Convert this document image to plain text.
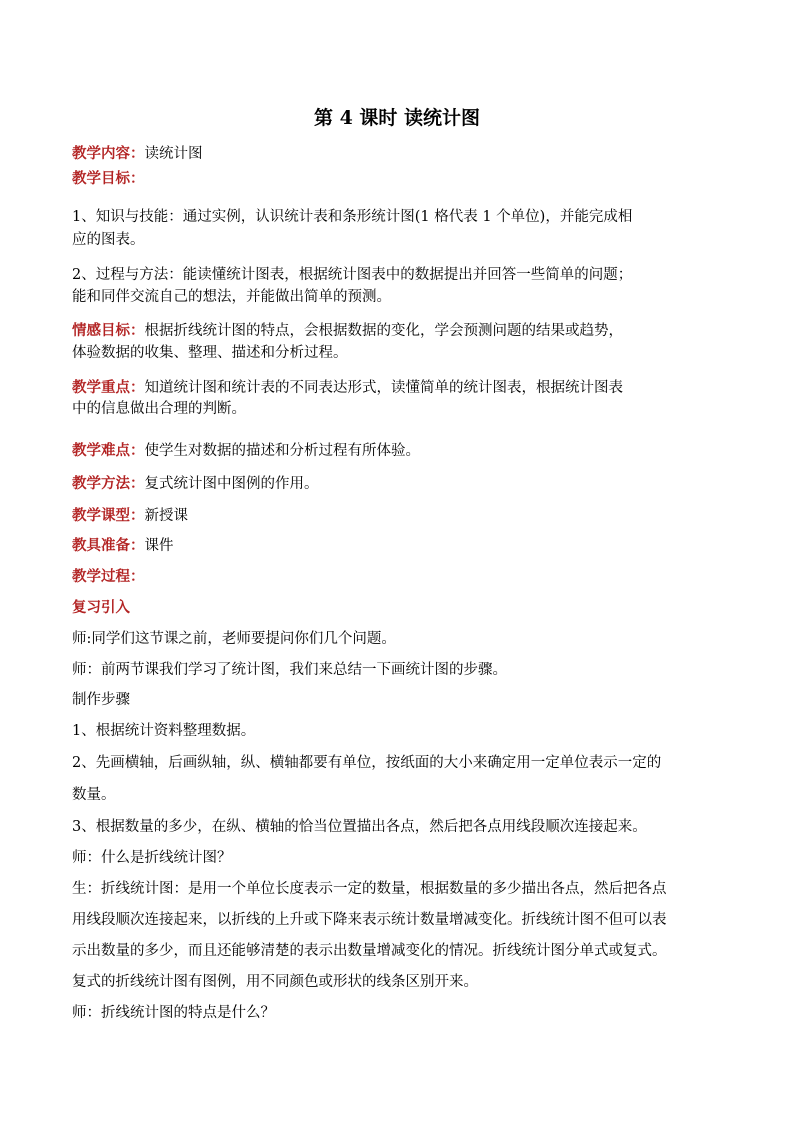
第 4 课时 读统计图
教学内容：读统计图
教学目标：
1、知识与技能：通过实例，认识统计表和条形统计图(1 格代表 1 个单位)，并能完成相
应的图表。
2、过程与方法：能读懂统计图表，根据统计图表中的数据提出并回答一些简单的问题；
能和同伴交流自己的想法，并能做出简单的预测。
情感目标：根据折线统计图的特点，会根据数据的变化，学会预测问题的结果或趋势，
体验数据的收集、整理、描述和分析过程。
教学重点：知道统计图和统计表的不同表达形式，读懂简单的统计图表，根据统计图表
中的信息做出合理的判断。
教学难点：使学生对数据的描述和分析过程有所体验。
教学方法：复式统计图中图例的作用。
教学课型：新授课
教具准备：课件
教学过程：
复习引入
师:同学们这节课之前，老师要提问你们几个问题。
师：前两节课我们学习了统计图，我们来总结一下画统计图的步骤。
制作步骤
1、根据统计资料整理数据。
2、先画横轴，后画纵轴，纵、横轴都要有单位，按纸面的大小来确定用一定单位表示一定的
数量。
3、根据数量的多少，在纵、横轴的恰当位置描出各点，然后把各点用线段顺次连接起来。
师：什么是折线统计图？
生：折线统计图：是用一个单位长度表示一定的数量，根据数量的多少描出各点，然后把各点
用线段顺次连接起来，以折线的上升或下降来表示统计数量增减变化。折线统计图不但可以表
示出数量的多少，而且还能够清楚的表示出数量增减变化的情况。折线统计图分单式或复式。
复式的折线统计图有图例，用不同颜色或形状的线条区别开来。
师：折线统计图的特点是什么？
